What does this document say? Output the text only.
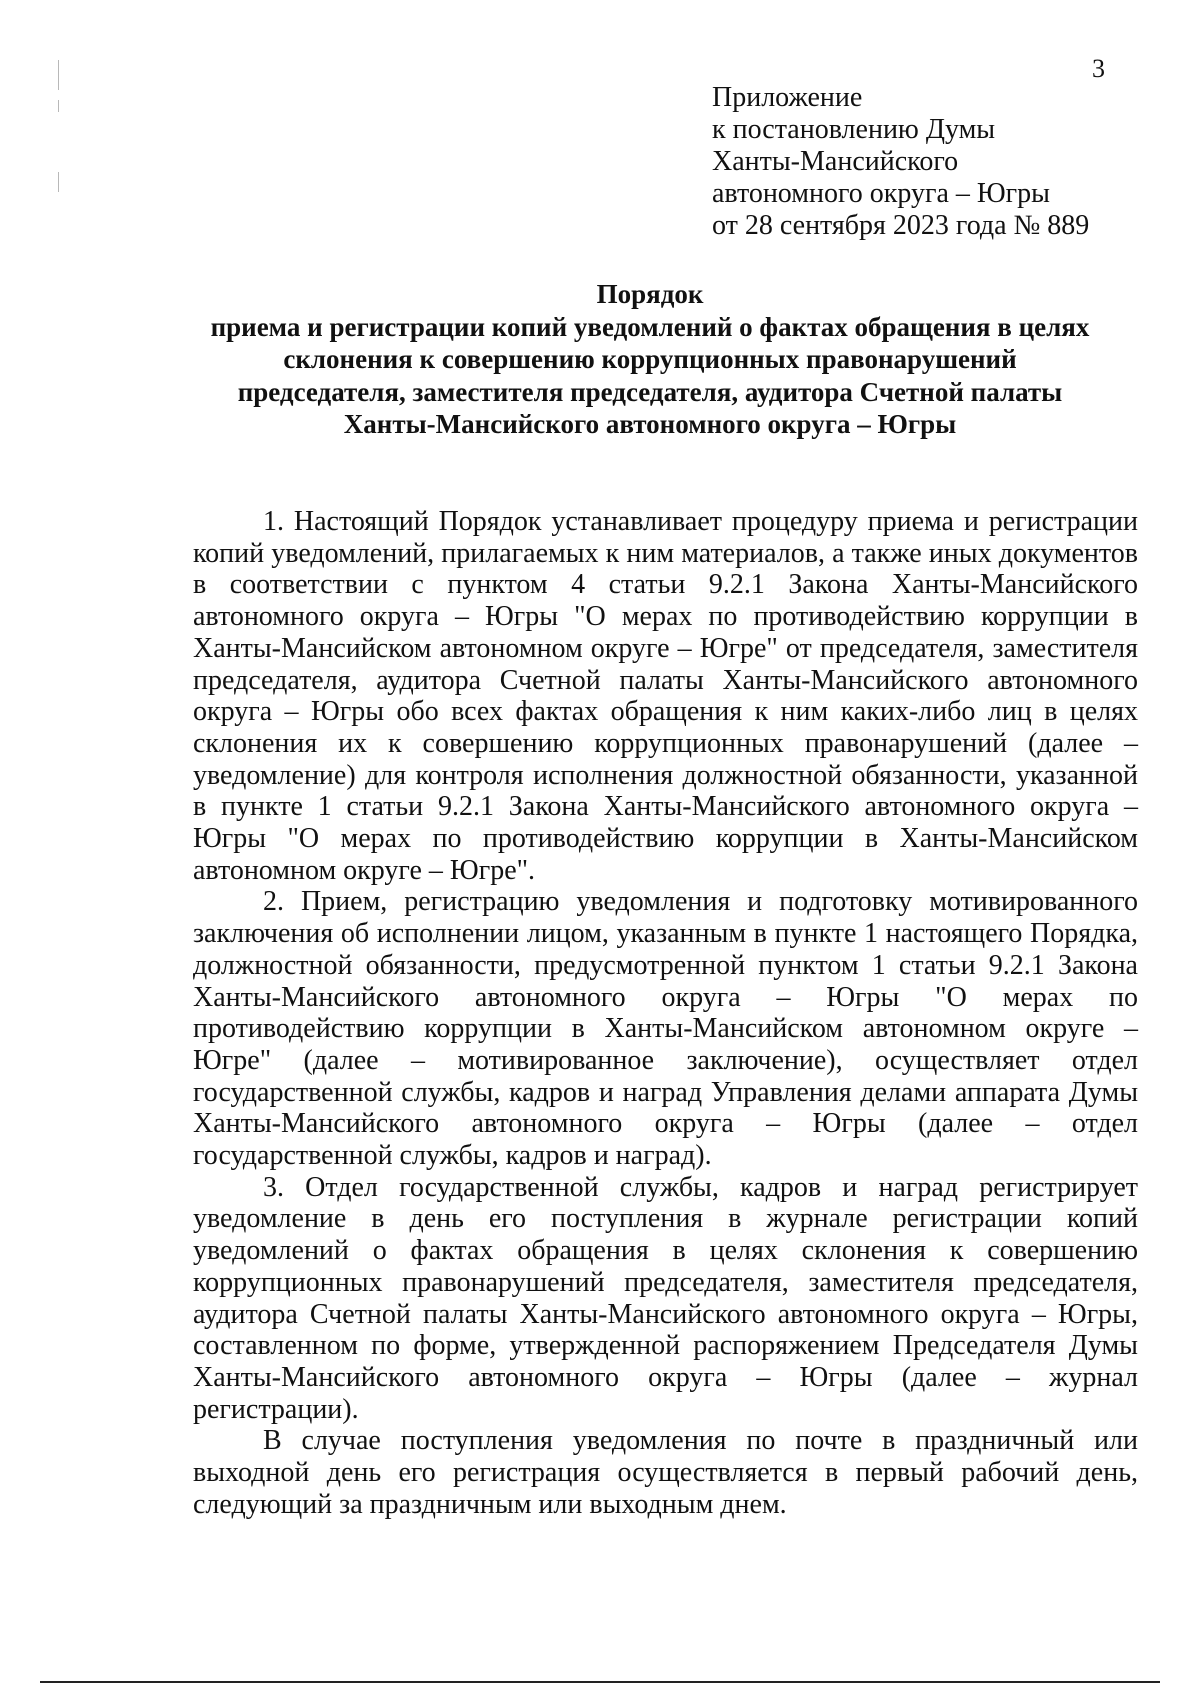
3
Приложение
к постановлению Думы
Ханты-Мансийского
автономного округа – Югры
от 28 сентября 2023 года № 889
Порядок
приема и регистрации копий уведомлений о фактах обращения в целях
склонения к совершению коррупционных правонарушений
председателя, заместителя председателя, аудитора Счетной палаты
Ханты-Мансийского автономного округа – Югры

1. Настоящий Порядок устанавливает процедуру приема и регистрации копий уведомлений, прилагаемых к ним материалов, а также иных документов в соответствии с пунктом 4 статьи 9.2.1 Закона Ханты-Мансийского автономного округа – Югры "О мерах по противодействию коррупции в Ханты-Мансийском автономном округе – Югре" от председателя, заместителя председателя, аудитора Счетной палаты Ханты-Мансийского автономного округа – Югры обо всех фактах обращения к ним каких-либо лиц в целях склонения их к совершению коррупционных правонарушений (далее – уведомление) для контроля исполнения должностной обязанности, указанной в пункте 1 статьи 9.2.1 Закона Ханты-Мансийского автономного округа – Югры "О мерах по противодействию коррупции в Ханты-Мансийском автономном округе – Югре".

2. Прием, регистрацию уведомления и подготовку мотивированного заключения об исполнении лицом, указанным в пункте 1 настоящего Порядка, должностной обязанности, предусмотренной пунктом 1 статьи 9.2.1 Закона Ханты-Мансийского автономного округа – Югры "О мерах по противодействию коррупции в Ханты-Мансийском автономном округе – Югре" (далее – мотивированное заключение), осуществляет отдел государственной службы, кадров и наград Управления делами аппарата Думы Ханты-Мансийского автономного округа – Югры (далее – отдел государственной службы, кадров и наград).

3. Отдел государственной службы, кадров и наград регистрирует уведомление в день его поступления в журнале регистрации копий уведомлений о фактах обращения в целях склонения к совершению коррупционных правонарушений председателя, заместителя председателя, аудитора Счетной палаты Ханты-Мансийского автономного округа – Югры, составленном по форме, утвержденной распоряжением Председателя Думы Ханты-Мансийского автономного округа – Югры (далее – журнал регистрации).

В случае поступления уведомления по почте в праздничный или выходной день его регистрация осуществляется в первый рабочий день, следующий за праздничным или выходным днем.
